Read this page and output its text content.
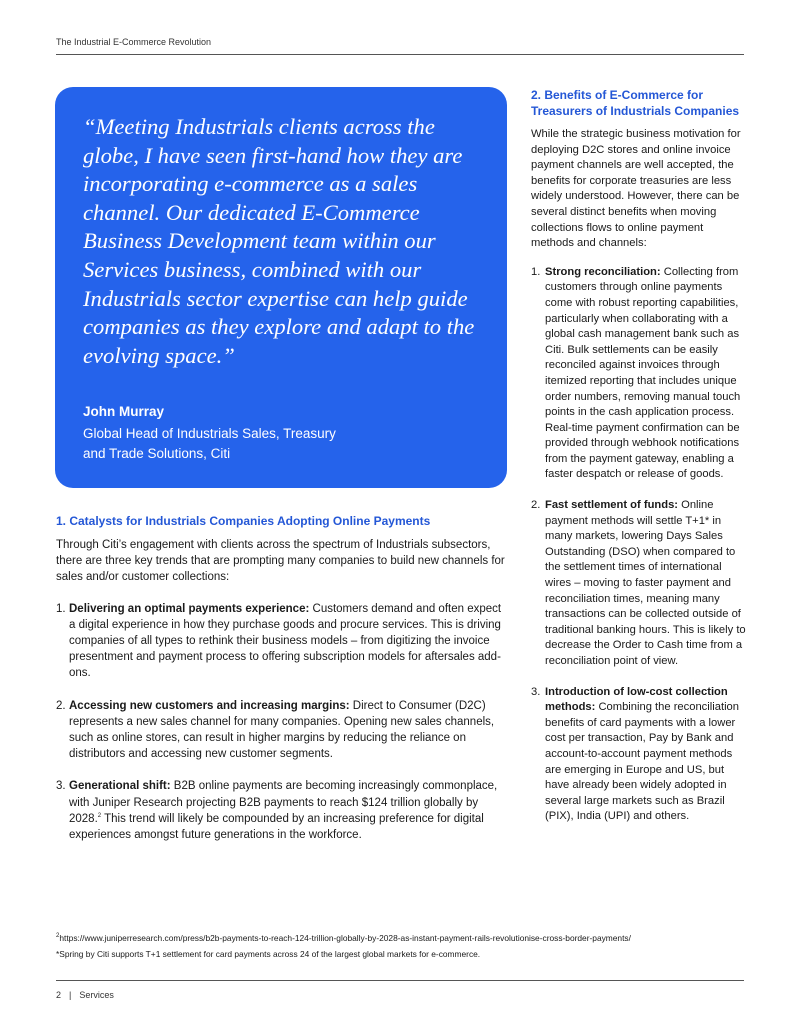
The Industrial E-Commerce Revolution

“Meeting Industrials clients across the globe, I have seen first-hand how they are incorporating e-commerce as a sales channel. Our dedicated E-Commerce Business Development team within our Services business, combined with our Industrials sector expertise can help guide companies as they explore and adapt to the evolving space.”

John Murray
Global Head of Industrials Sales, Treasury and Trade Solutions, Citi
1. Catalysts for Industrials Companies Adopting Online Payments

Through Citi’s engagement with clients across the spectrum of Industrials subsectors, there are three key trends that are prompting many companies to build new channels for sales and/or customer collections:

1. Delivering an optimal payments experience: Customers demand and often expect a digital experience in how they purchase goods and procure services. This is driving companies of all types to rethink their business models – from digitizing the invoice presentment and payment process to offering subscription models for aftersales add-ons.
2. Accessing new customers and increasing margins: Direct to Consumer (D2C) represents a new sales channel for many companies. Opening new sales channels, such as online stores, can result in higher margins by reducing the reliance on distributors and accessing new customer segments.
3. Generational shift: B2B online payments are becoming increasingly commonplace, with Juniper Research projecting B2B payments to reach $124 trillion globally by 2028.$^2$ This trend will likely be compounded by an increasing preference for digital experiences amongst future generations in the workforce.
2. Benefits of E-Commerce for Treasurers of Industrials Companies

While the strategic business motivation for deploying D2C stores and online invoice payment channels are well accepted, the benefits for corporate treasuries are less widely understood. However, there can be several distinct benefits when moving collections flows to online payment methods and channels:

1. Strong reconciliation: Collecting from customers through online payments come with robust reporting capabilities, particularly when collaborating with a global cash management bank such as Citi. Bulk settlements can be easily reconciled against invoices through itemized reporting that includes unique order numbers, removing manual touch points in the cash application process. Real-time payment confirmation can be provided through webhook notifications from the payment gateway, enabling a faster despatch or release of goods.
2. Fast settlement of funds: Online payment methods will settle T+1* in many markets, lowering Days Sales Outstanding (DSO) when compared to the settlement times of international wires – moving to faster payment and reconciliation times, meaning many transactions can be collected outside of traditional banking hours. This is likely to decrease the Order to Cash time from a reconciliation point of view.
3. Introduction of low-cost collection methods: Combining the reconciliation benefits of card payments with a lower cost per transaction, Pay by Bank and account-to-account payment methods are emerging in Europe and US, but have already been widely adopted in several large markets such as Brazil (PIX), India (UPI) and others.
$^2$https://www.juniperresearch.com/press/b2b-payments-to-reach-124-trillion-globally-by-2028-as-instant-payment-rails-revolutionise-cross-border-payments/
*Spring by Citi supports T+1 settlement for card payments across 24 of the largest global markets for e-commerce.
2 | Services
